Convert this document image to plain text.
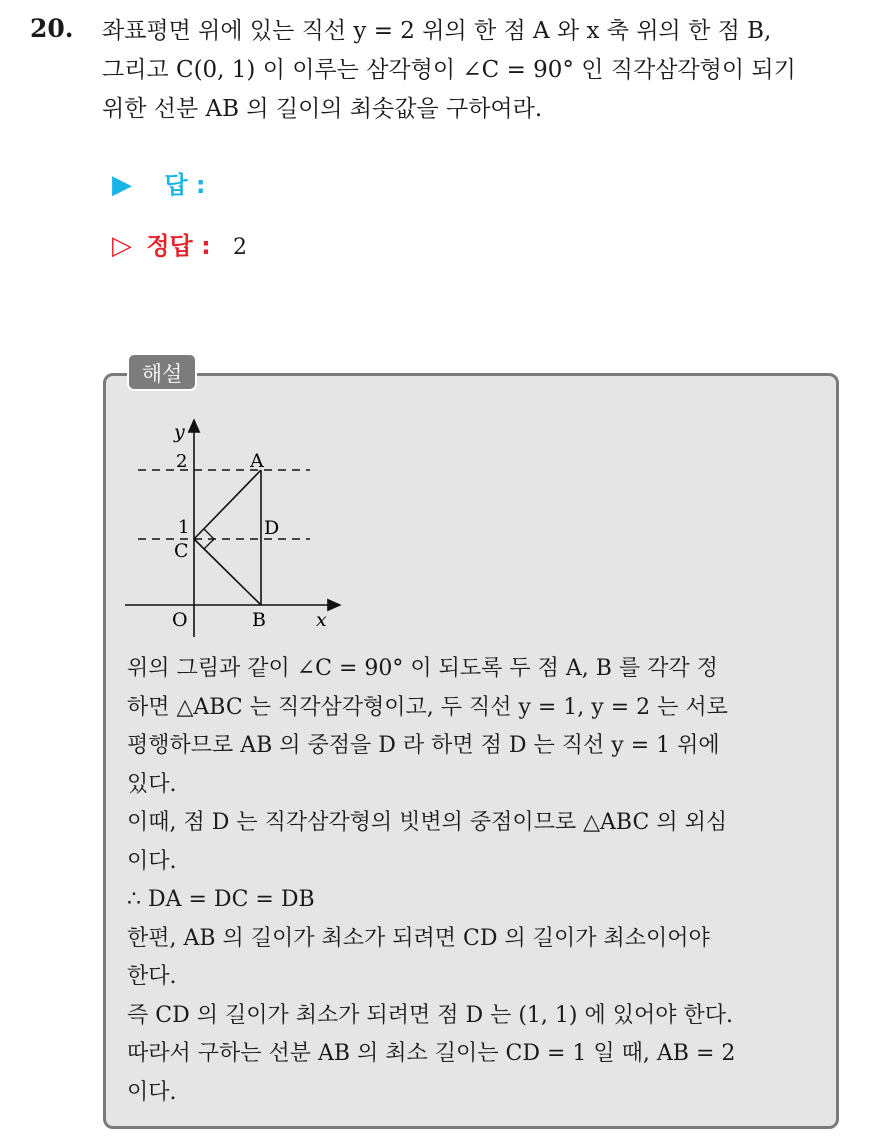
20. 좌표평면 위에 있는 직선 y = 2 위의 한 점 A 와 x 축 위의 한 점 B,
그리고 C(0, 1) 이 이루는 삼각형이 ∠C = 90° 인 직각삼각형이 되기
위한 선분 AB 의 길이의 최솟값을 구하여라.
▶ 답 :
▷ 정답 : 2
해설
y
x
O
2
1
A
C
D
B
위의 그림과 같이 ∠C = 90° 이 되도록 두 점 A, B 를 각각 정
하면 △ABC 는 직각삼각형이고, 두 직선 y = 1, y = 2 는 서로
평행하므로 AB 의 중점을 D 라 하면 점 D 는 직선 y = 1 위에
있다.
이때, 점 D 는 직각삼각형의 빗변의 중점이므로 △ABC 의 외심
이다.
∴ DA = DC = DB
한편, AB 의 길이가 최소가 되려면 CD 의 길이가 최소이어야
한다.
즉 CD 의 길이가 최소가 되려면 점 D 는 (1, 1) 에 있어야 한다.
따라서 구하는 선분 AB 의 최소 길이는 CD = 1 일 때, AB = 2
이다.
